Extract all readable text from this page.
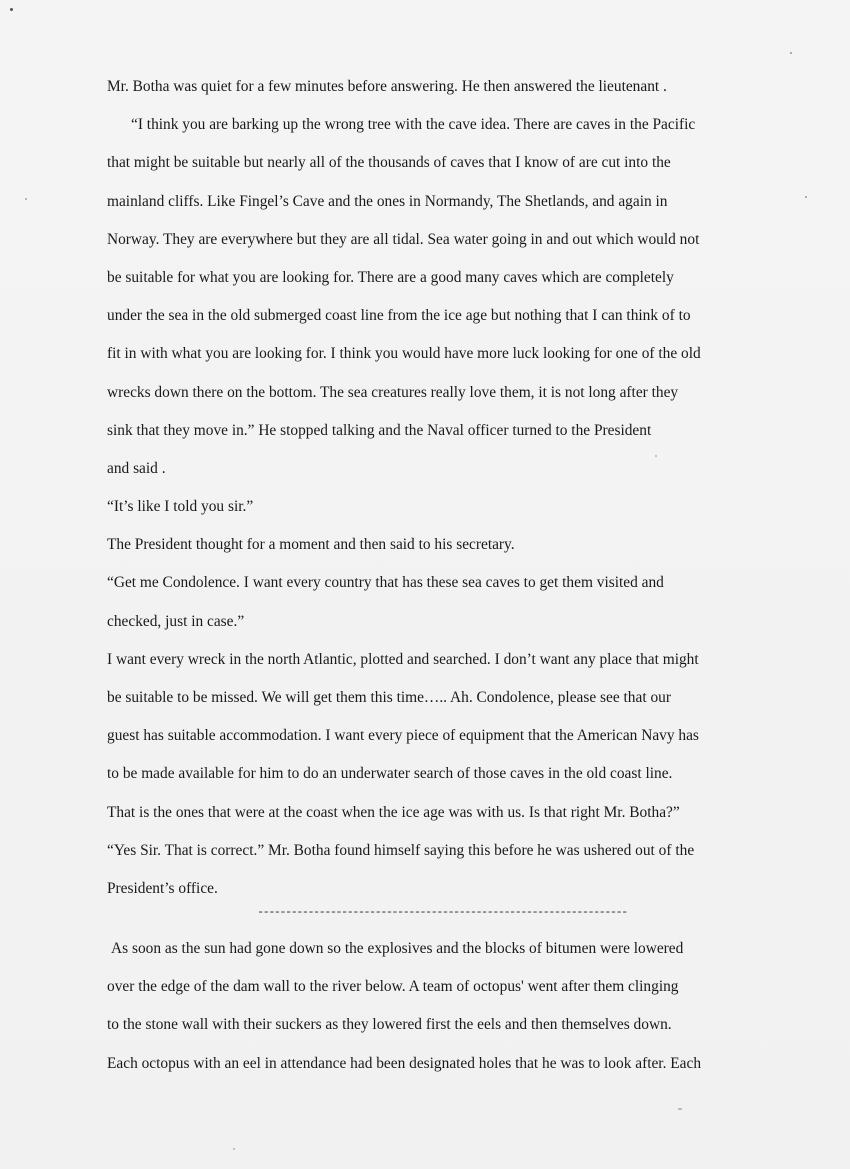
Mr. Botha was quiet for a few minutes before answering. He then answered the lieutenant .
“I think you are barking up the wrong tree with the cave idea. There are caves in the Pacific
that might be suitable but nearly all of the thousands of caves that I know of are cut into the
mainland cliffs. Like Fingel’s Cave and the ones in Normandy, The Shetlands, and again in
Norway. They are everywhere but they are all tidal. Sea water going in and out which would not
be suitable for what you are looking for. There are a good many caves which are completely
under the sea in the old submerged coast line from the ice age but nothing that I can think of to
fit in with what you are looking for. I think you would have more luck looking for one of the old
wrecks down there on the bottom. The sea creatures really love them, it is not long after they
sink that they move in.” He stopped talking and the Naval officer turned to the President
and said .
“It’s like I told you sir.”
The President thought for a moment and then said to his secretary.
“Get me Condolence. I want every country that has these sea caves to get them visited and
checked, just in case.”
I want every wreck in the north Atlantic, plotted and searched. I don’t want any place that might
be suitable to be missed. We will get them this time….. Ah. Condolence, please see that our
guest has suitable accommodation. I want every piece of equipment that the American Navy has
to be made available for him to do an underwater search of those caves in the old coast line.
That is the ones that were at the coast when the ice age was with us. Is that right Mr. Botha?”
“Yes Sir. That is correct.” Mr. Botha found himself saying this before he was ushered out of the
President’s office.
------------------------------------------------------------------
As soon as the sun had gone down so the explosives and the blocks of bitumen were lowered
over the edge of the dam wall to the river below. A team of octopus' went after them clinging
to the stone wall with their suckers as they lowered first the eels and then themselves down.
Each octopus with an eel in attendance had been designated holes that he was to look after. Each
